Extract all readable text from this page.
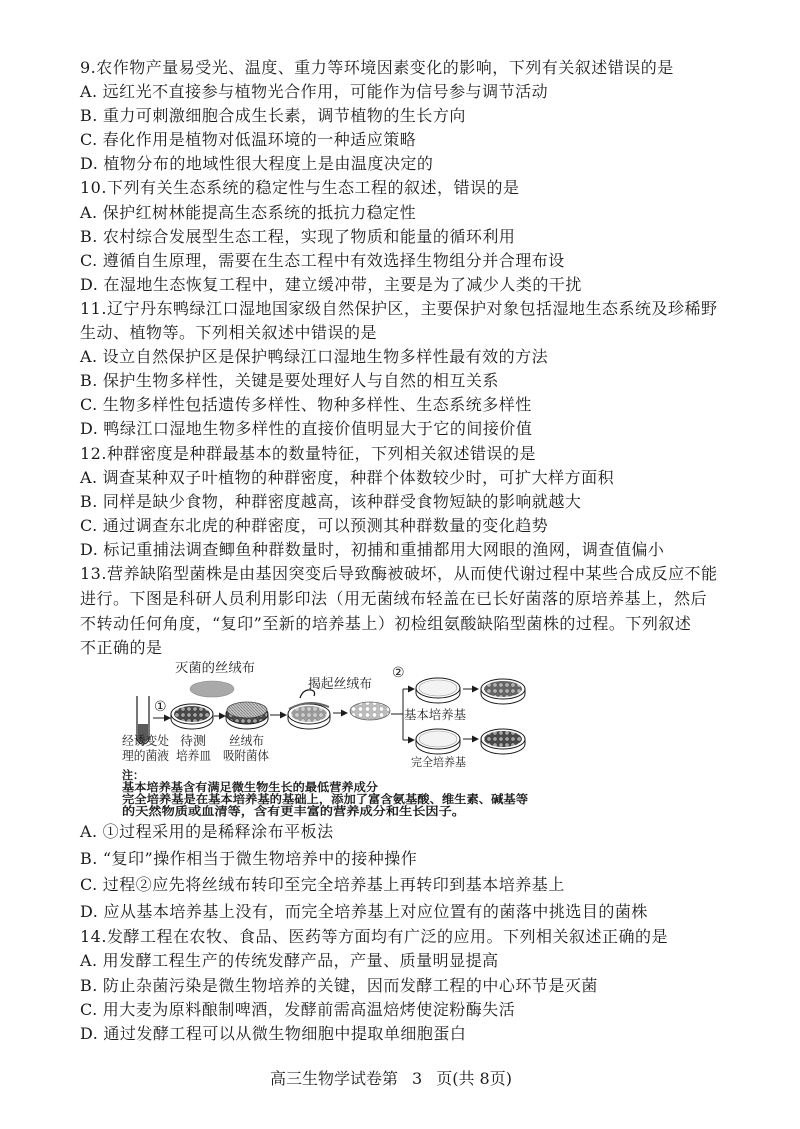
9.农作物产量易受光、温度、重力等环境因素变化的影响，下列有关叙述错误的是
A. 远红光不直接参与植物光合作用，可能作为信号参与调节活动
B. 重力可刺激细胞合成生长素，调节植物的生长方向
C. 春化作用是植物对低温环境的一种适应策略
D. 植物分布的地域性很大程度上是由温度决定的
10.下列有关生态系统的稳定性与生态工程的叙述，错误的是
A. 保护红树林能提高生态系统的抵抗力稳定性
B. 农村综合发展型生态工程，实现了物质和能量的循环利用
C. 遵循自生原理，需要在生态工程中有效选择生物组分并合理布设
D. 在湿地生态恢复工程中，建立缓冲带，主要是为了减少人类的干扰
11.辽宁丹东鸭绿江口湿地国家级自然保护区，主要保护对象包括湿地生态系统及珍稀野
生动、植物等。下列相关叙述中错误的是
A. 设立自然保护区是保护鸭绿江口湿地生物多样性最有效的方法
B. 保护生物多样性，关键是要处理好人与自然的相互关系
C. 生物多样性包括遗传多样性、物种多样性、生态系统多样性
D. 鸭绿江口湿地生物多样性的直接价值明显大于它的间接价值
12.种群密度是种群最基本的数量特征，下列相关叙述错误的是
A. 调查某种双子叶植物的种群密度，种群个体数较少时，可扩大样方面积
B. 同样是缺少食物，种群密度越高，该种群受食物短缺的影响就越大
C. 通过调查东北虎的种群密度，可以预测其种群数量的变化趋势
D. 标记重捕法调查鲫鱼种群数量时，初捕和重捕都用大网眼的渔网，调查值偏小
13.营养缺陷型菌株是由基因突变后导致酶被破坏，从而使代谢过程中某些合成反应不能
进行。下图是科研人员利用影印法（用无菌绒布轻盖在已长好菌落的原培养基上，然后
不转动任何角度，“复印”至新的培养基上）初检组氨酸缺陷型菌株的过程。下列叙述
不正确的是
灭菌的丝绒布
①
经诱变处
理的菌液
待测
培养皿
丝绒布
吸附菌体
揭起丝绒布
②
基本培养基
完全培养基
注：
基本培养基含有满足微生物生长的最低营养成分
完全培养基是在基本培养基的基础上，添加了富含氨基酸、维生素、碱基等
的天然物质或血清等，含有更丰富的营养成分和生长因子。
A. ①过程采用的是稀释涂布平板法
B. “复印”操作相当于微生物培养中的接种操作
C. 过程②应先将丝绒布转印至完全培养基上再转印到基本培养基上
D. 应从基本培养基上没有，而完全培养基上对应位置有的菌落中挑选目的菌株
14.发酵工程在农牧、食品、医药等方面均有广泛的应用。下列相关叙述正确的是
A. 用发酵工程生产的传统发酵产品，产量、质量明显提高
B. 防止杂菌污染是微生物培养的关键，因而发酵工程的中心环节是灭菌
C. 用大麦为原料酿制啤酒，发酵前需高温焙烤使淀粉酶失活
D. 通过发酵工程可以从微生物细胞中提取单细胞蛋白
高三生物学试卷第 3 页(共 8页)
